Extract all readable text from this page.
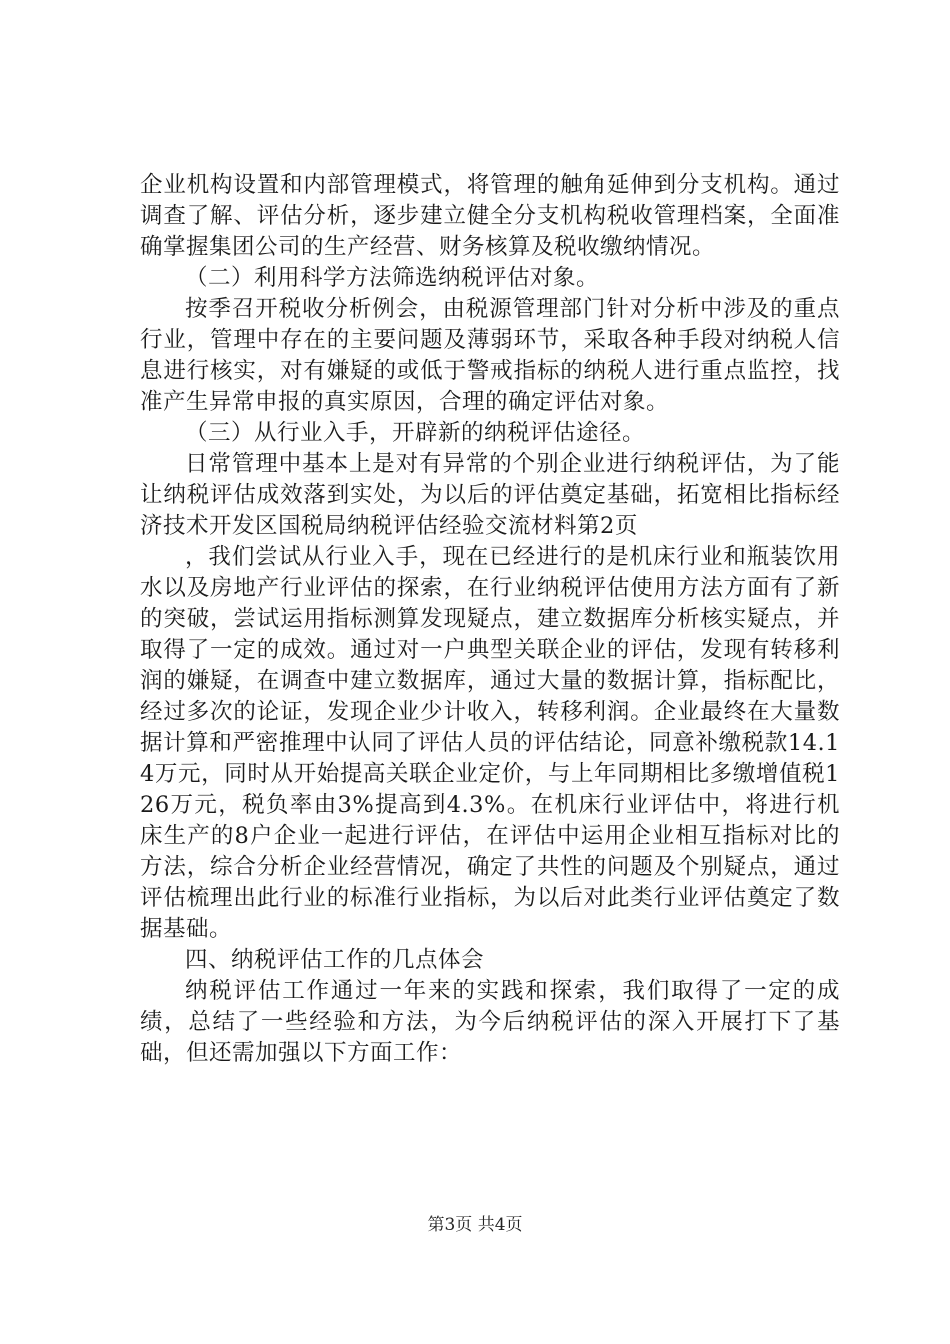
企业机构设置和内部管理模式，将管理的触角延伸到分支机构。通过调查了解、评估分析，逐步建立健全分支机构税收管理档案，全面准确掌握集团公司的生产经营、财务核算及税收缴纳情况。

（二）利用科学方法筛选纳税评估对象。

按季召开税收分析例会，由税源管理部门针对分析中涉及的重点行业，管理中存在的主要问题及薄弱环节，采取各种手段对纳税人信息进行核实，对有嫌疑的或低于警戒指标的纳税人进行重点监控，找准产生异常申报的真实原因，合理的确定评估对象。

（三）从行业入手，开辟新的纳税评估途径。

日常管理中基本上是对有异常的个别企业进行纳税评估，为了能让纳税评估成效落到实处，为以后的评估奠定基础，拓宽相比指标经济技术开发区国税局纳税评估经验交流材料第2页

，我们尝试从行业入手，现在已经进行的是机床行业和瓶装饮用水以及房地产行业评估的探索，在行业纳税评估使用方法方面有了新的突破，尝试运用指标测算发现疑点，建立数据库分析核实疑点，并取得了一定的成效。通过对一户典型关联企业的评估，发现有转移利润的嫌疑，在调查中建立数据库，通过大量的数据计算，指标配比，经过多次的论证，发现企业少计收入，转移利润。企业最终在大量数据计算和严密推理中认同了评估人员的评估结论，同意补缴税款14.14万元，同时从开始提高关联企业定价，与上年同期相比多缴增值税126万元，税负率由3%提高到4.3%。在机床行业评估中，将进行机床生产的8户企业一起进行评估，在评估中运用企业相互指标对比的方法，综合分析企业经营情况，确定了共性的问题及个别疑点，通过评估梳理出此行业的标准行业指标，为以后对此类行业评估奠定了数据基础。

四、纳税评估工作的几点体会

纳税评估工作通过一年来的实践和探索，我们取得了一定的成绩，总结了一些经验和方法，为今后纳税评估的深入开展打下了基础，但还需加强以下方面工作：

第3页 共4页
